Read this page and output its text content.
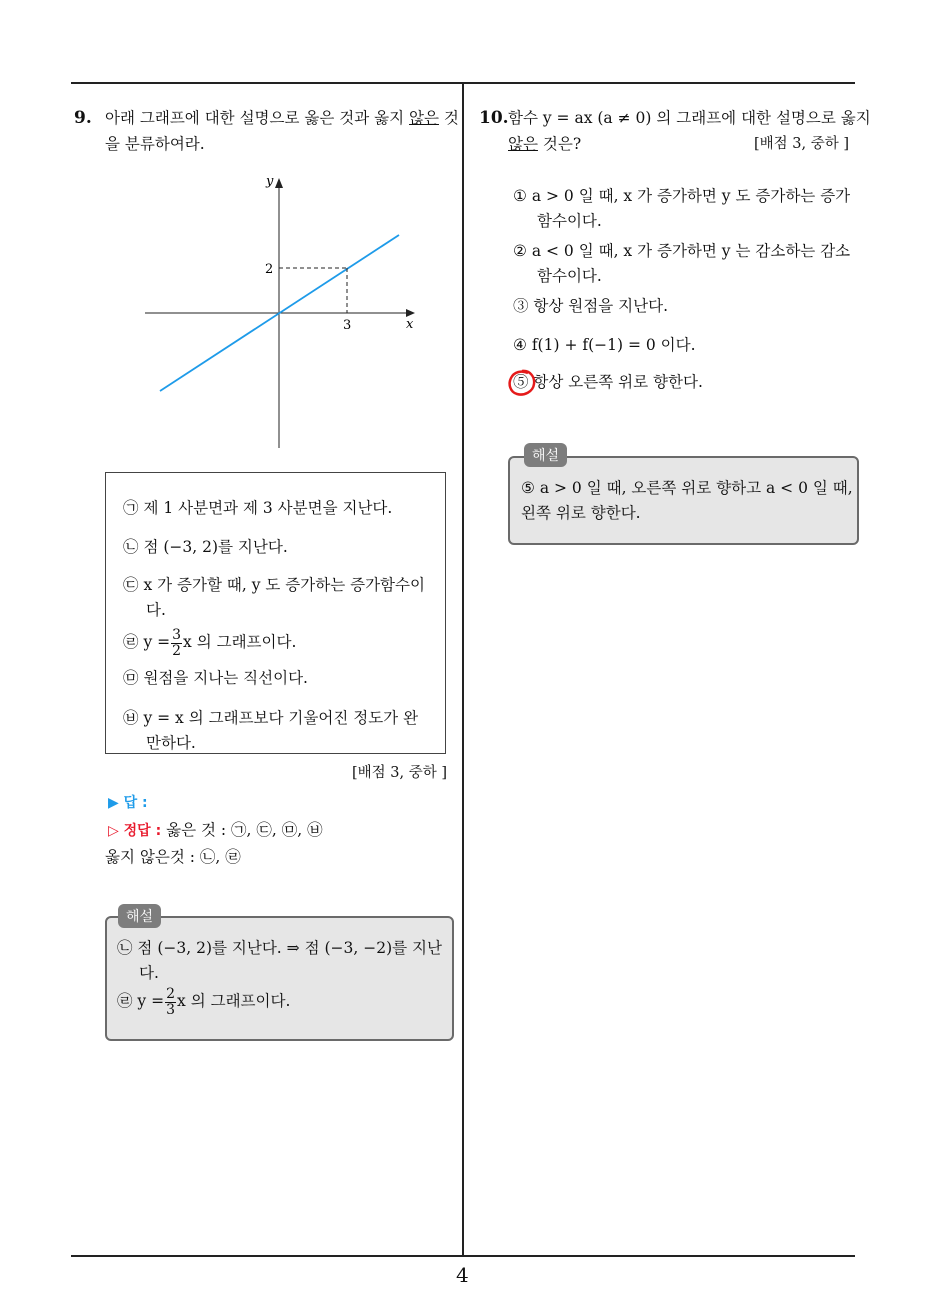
4
9. 아래 그래프에 대한 설명으로 옳은 것과 옳지 않은 것
을 분류하여라.
y
x
2
3
㉠ 제 1 사분면과 제 3 사분면을 지난다.
㉡ 점 (−3, 2)를 지난다.
㉢ x 가 증가할 때, y 도 증가하는 증가함수이
다.
㉣ $y = \frac{3}{2}$ x 의 그래프이다.
㉤ 원점을 지나는 직선이다.
㉥ y = x 의 그래프보다 기울어진 정도가 완
만하다.
[배점 3, 중하 ]
▶ 답 :
▷ 정답 : 옳은 것 : ㉠, ㉢, ㉤, ㉥
옳지 않은것 : ㉡, ㉣
해설
㉡ 점 (−3, 2)를 지난다. ⇒ 점 (−3, −2)를 지난
다.
㉣ $y = \frac{2}{3}$ x 의 그래프이다.
10. 함수 y = ax (a ≠ 0) 의 그래프에 대한 설명으로 옳지
않은 것은?	[배점 3, 중하 ]
① a > 0 일 때, x 가 증가하면 y 도 증가하는 증가
함수이다.
② a < 0 일 때, x 가 증가하면 y 는 감소하는 감소
함수이다.
③ 항상 원점을 지난다.
④ f(1) + f(−1) = 0 이다.
⑤ 항상 오른쪽 위로 향한다.
해설
⑤ a > 0 일 때, 오른쪽 위로 향하고 a < 0 일 때,
왼쪽 위로 향한다.
